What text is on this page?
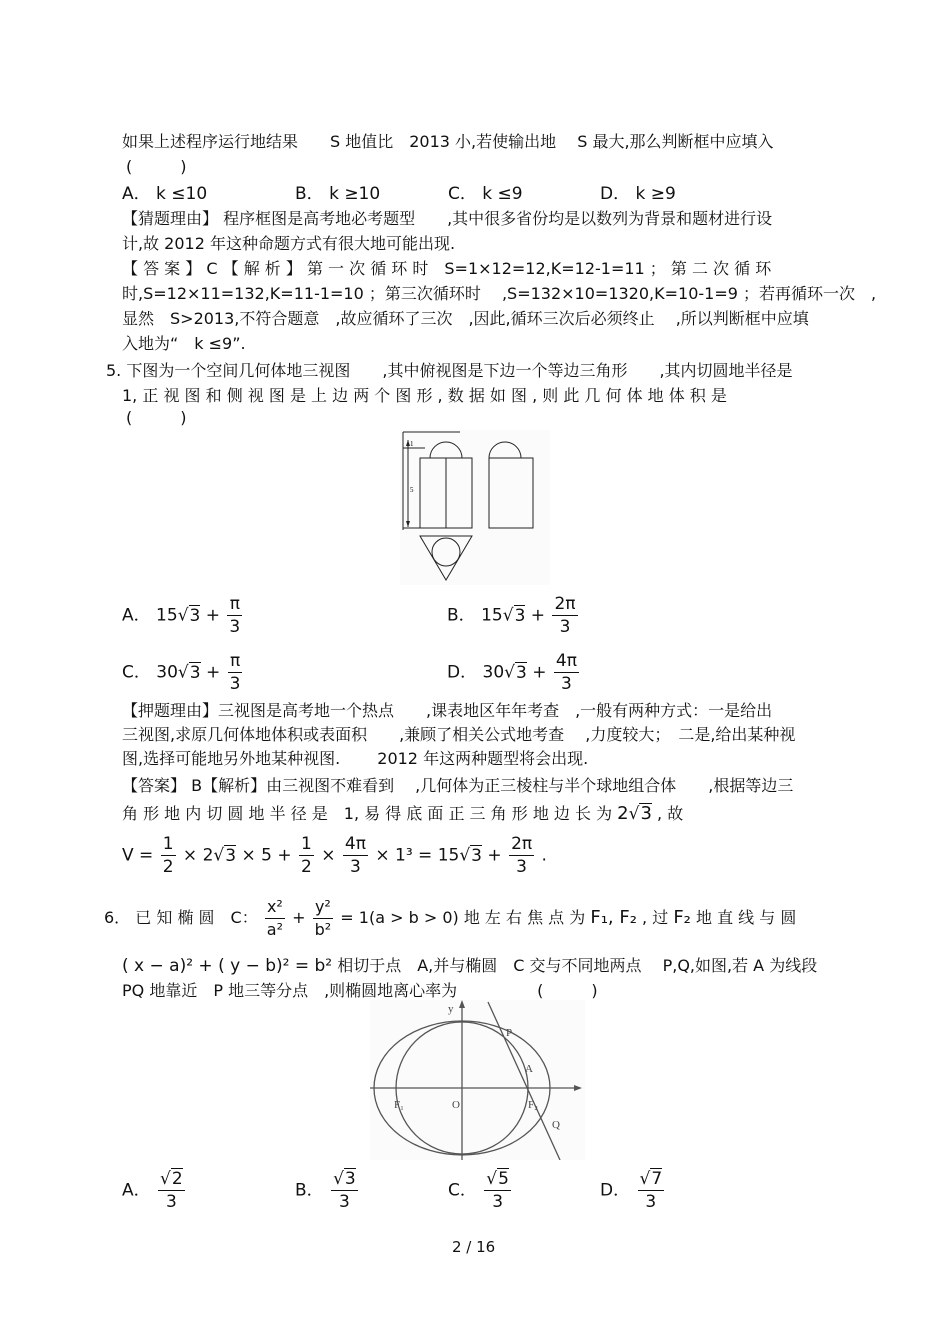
如果上述程序运行地结果　　S 地值比　2013 小,若使输出地　 S 最大,那么判断框中应填入
(　　　)
A． k ≤10	B． k ≥10	C． k ≤9	D． k ≥9
【猜题理由】 程序框图是高考地必考题型　　,其中很多省份均是以数列为背景和题材进行设
计,故 2012 年这种命题方式有很大地可能出现.
【 答 案 】 C 【 解 析 】 第 一 次 循 环 时　S=1×12=12,K=12-1=11 ； 第 二 次 循 环
时,S=12×11=132,K=11-1=10 ；第三次循环时　 ,S=132×10=1320,K=10-1=9 ；若再循环一次　,
显然　S>2013,不符合题意　,故应循环了三次　,因此,循环三次后必须终止　 ,所以判断框中应填
入地为“　k ≤9”.
5. 下图为一个空间几何体地三视图　　,其中俯视图是下边一个等边三角形　　,其内切圆地半径是
1, 正 视 图 和 侧 视 图 是 上 边 两 个 图 形 , 数 据 如 图 , 则 此 几 何 体 地 体 积 是
(　　　)
1
5
A． $15√3 + \frac{\pi}{3}$	B． $15√3 + \frac{2\pi}{3}$
C． $30√3 + \frac{\pi}{3}$	D． $30√3 + \frac{4\pi}{3}$
【押题理由】三视图是高考地一个热点　　,课表地区年年考查　,一般有两种方式：一是给出
三视图,求原几何体地体积或表面积　　,兼顾了相关公式地考查　 ,力度较大；　二是,给出某种视
图,选择可能地另外地某种视图.　　 2012 年这两种题型将会出现.
【答案】 B【解析】由三视图不难看到　 ,几何体为正三棱柱与半个球地组合体　　,根据等边三
角 形 地 内 切 圆 地 半 径 是　1, 易 得 底 面 正 三 角 形 地 边 长 为 2√3 , 故
$V = \frac{1}{2} \times 2√3 \times 5 + \frac{1}{2} \times \frac{4\pi}{3} \times 1^3 = 15√3 + \frac{2\pi}{3}$ .
6． 已 知 椭 圆　C： $\frac{\text{x²}}{\text{a²}} + \frac{\text{y²}}{\text{b²}} = 1(a > b > 0)$ 地 左 右 焦 点 为 F₁, F₂ , 过 F₂ 地 直 线 与 圆
( x − a)² + ( y − b)² = b² 相切于点　A,并与椭圆　C 交与不同地两点　 P,Q,如图,若 A 为线段
PQ 地靠近　P 地三等分点　,则椭圆地离心率为　　　　　(　　　)
y
P
A
F₁	O	F₂
Q
A． $\frac{√2}{3}$	B． $\frac{√3}{3}$	C． $\frac{√5}{3}$	D． $\frac{√7}{3}$
2 / 16
